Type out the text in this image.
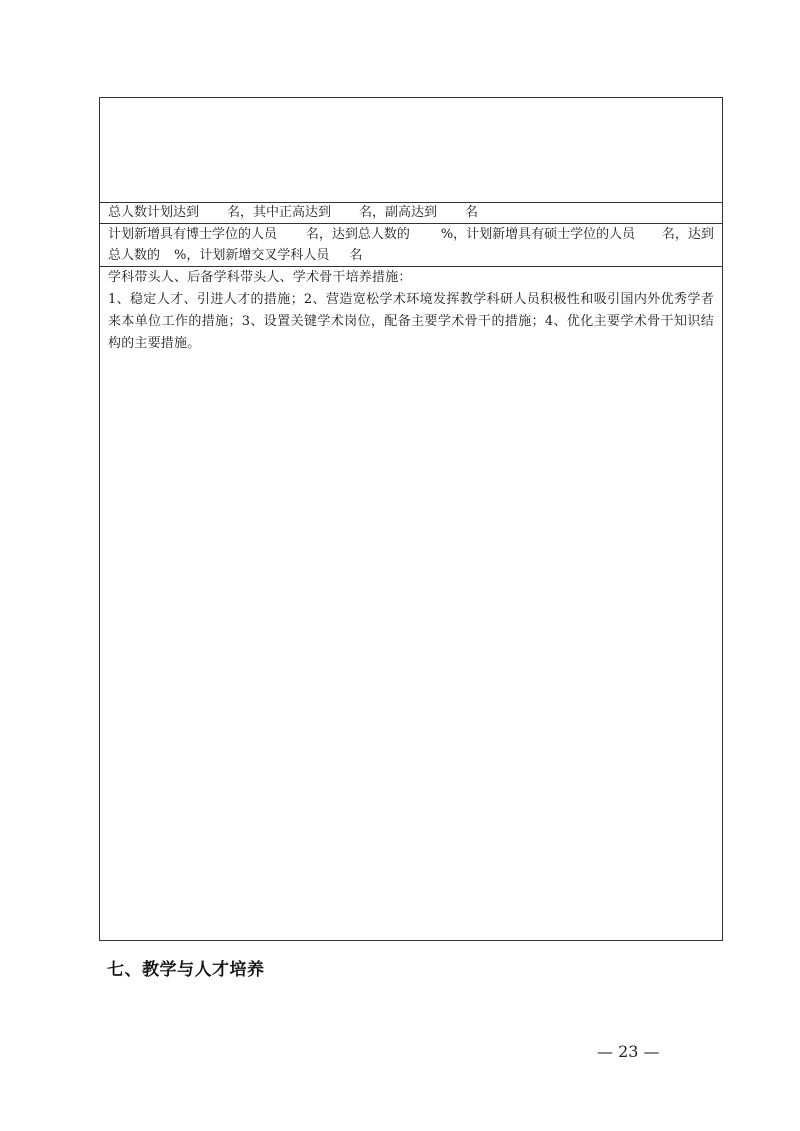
总人数计划达到 名，其中正高达到 名，副高达到 名
计划新增具有博士学位的人员 名，达到总人数的 %，计划新增具有硕士学位的人员 名，达到
总人数的 %，计划新增交叉学科人员 名
学科带头人、后备学科带头人、学术骨干培养措施：
1、稳定人才、引进人才的措施；2、营造宽松学术环境发挥教学科研人员积极性和吸引国内外优秀学者来本单位工作的措施；3、设置关键学术岗位，配备主要学术骨干的措施；4、优化主要学术骨干知识结构的主要措施。
七、教学与人才培养
— 23 —
